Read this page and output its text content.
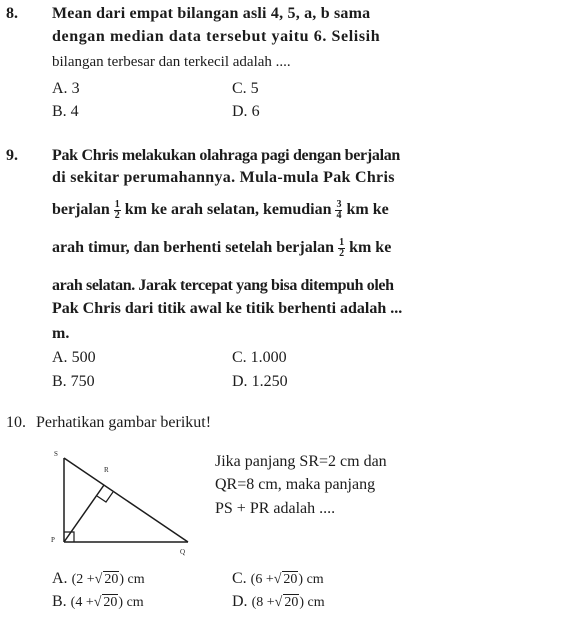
8. Mean dari empat bilangan asli 4, 5, a, b sama
dengan median data tersebut yaitu 6. Selisih
bilangan terbesar dan terkecil adalah ....
A. 3	C. 5
B. 4	D. 6
9. Pak Chris melakukan olahraga pagi dengan berjalan
di sekitar perumahannya. Mula-mula Pak Chris
berjalan $\frac{1}{2}$ km ke arah selatan, kemudian $\frac{3}{4}$ km ke
arah timur, dan berhenti setelah berjalan $\frac{1}{2}$ km ke
arah selatan. Jarak tercepat yang bisa ditempuh oleh
Pak Chris dari titik awal ke titik berhenti adalah ...
m.
A. 500	C. 1.000
B. 750	D. 1.250
10. Perhatikan gambar berikut!
S
R
P
Q
Jika panjang SR=2 cm dan
QR=8 cm, maka panjang
PS + PR adalah ....
A. (2 +√ 20) cm	C. (6 +√ 20) cm
B. (4 +√ 20) cm	D. (8 +√ 20) cm
